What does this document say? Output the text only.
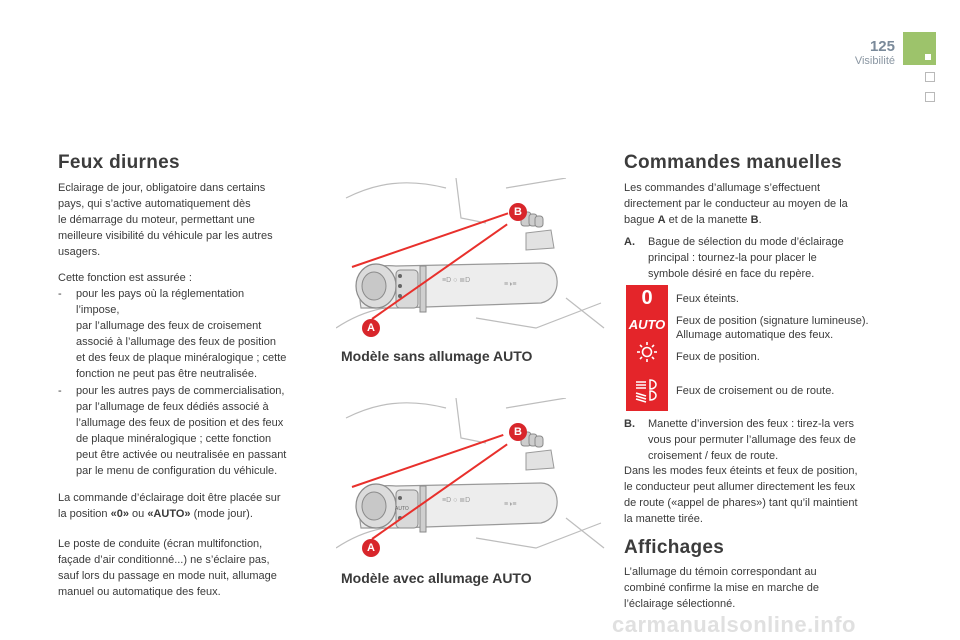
125
Visibilité
Feux diurnes
Eclairage de jour, obligatoire dans certains
pays, qui s’active automatiquement dès
le démarrage du moteur, permettant une
meilleure visibilité du véhicule par les autres
usagers.
Cette fonction est assurée :
- pour les pays où la réglementation
l’impose,
par l’allumage des feux de croisement
associé à l’allumage des feux de position
et des feux de plaque minéralogique ; cette
fonction ne peut pas être neutralisée.
- pour les autres pays de commercialisation,
par l’allumage de feux dédiés associé à
l’allumage des feux de position et des feux
de plaque minéralogique ; cette fonction
peut être activée ou neutralisée en passant
par le menu de configuration du véhicule.
La commande d’éclairage doit être placée sur
la position «0» ou «AUTO» (mode jour).
Le poste de conduite (écran multifonction,
façade d’air conditionné...) ne s’éclaire pas,
sauf lors du passage en mode nuit, allumage
manuel ou automatique des feux.
≡D ○ ≣D
≡◑≡
B
A
Modèle sans allumage AUTO
AUTO
≡D ○ ≣D
≡◑≡
B
A
Modèle avec allumage AUTO
Commandes manuelles
Les commandes d’allumage s’effectuent
directement par le conducteur au moyen de la
bague A et de la manette B.
A. Bague de sélection du mode d’éclairage
principal : tournez-la pour placer le
symbole désiré en face du repère.
0
AUTO
Feux éteints.
Feux de position (signature lumineuse).
Allumage automatique des feux.
Feux de position.
Feux de croisement ou de route.
B. Manette d’inversion des feux : tirez-la vers
vous pour permuter l’allumage des feux de
croisement / feux de route.
Dans les modes feux éteints et feux de position,
le conducteur peut allumer directement les feux
de route («appel de phares») tant qu’il maintient
la manette tirée.
Affichages
L’allumage du témoin correspondant au
combiné confirme la mise en marche de
l’éclairage sélectionné.
carmanualsonline.info
